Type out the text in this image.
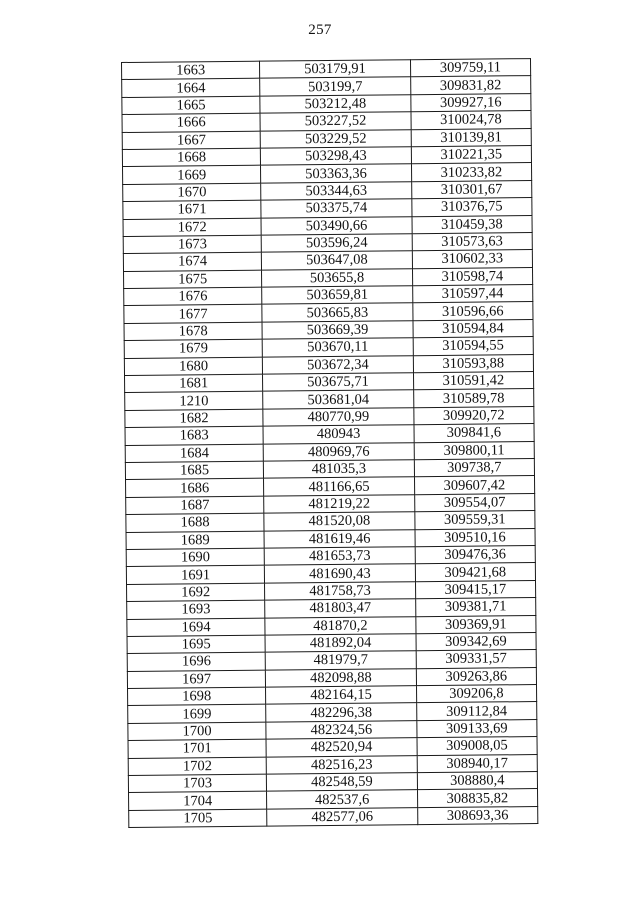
257
1663	503179,91	309759,11
1664	503199,7	309831,82
1665	503212,48	309927,16
1666	503227,52	310024,78
1667	503229,52	310139,81
1668	503298,43	310221,35
1669	503363,36	310233,82
1670	503344,63	310301,67
1671	503375,74	310376,75
1672	503490,66	310459,38
1673	503596,24	310573,63
1674	503647,08	310602,33
1675	503655,8	310598,74
1676	503659,81	310597,44
1677	503665,83	310596,66
1678	503669,39	310594,84
1679	503670,11	310594,55
1680	503672,34	310593,88
1681	503675,71	310591,42
1210	503681,04	310589,78
1682	480770,99	309920,72
1683	480943	309841,6
1684	480969,76	309800,11
1685	481035,3	309738,7
1686	481166,65	309607,42
1687	481219,22	309554,07
1688	481520,08	309559,31
1689	481619,46	309510,16
1690	481653,73	309476,36
1691	481690,43	309421,68
1692	481758,73	309415,17
1693	481803,47	309381,71
1694	481870,2	309369,91
1695	481892,04	309342,69
1696	481979,7	309331,57
1697	482098,88	309263,86
1698	482164,15	309206,8
1699	482296,38	309112,84
1700	482324,56	309133,69
1701	482520,94	309008,05
1702	482516,23	308940,17
1703	482548,59	308880,4
1704	482537,6	308835,82
1705	482577,06	308693,36
